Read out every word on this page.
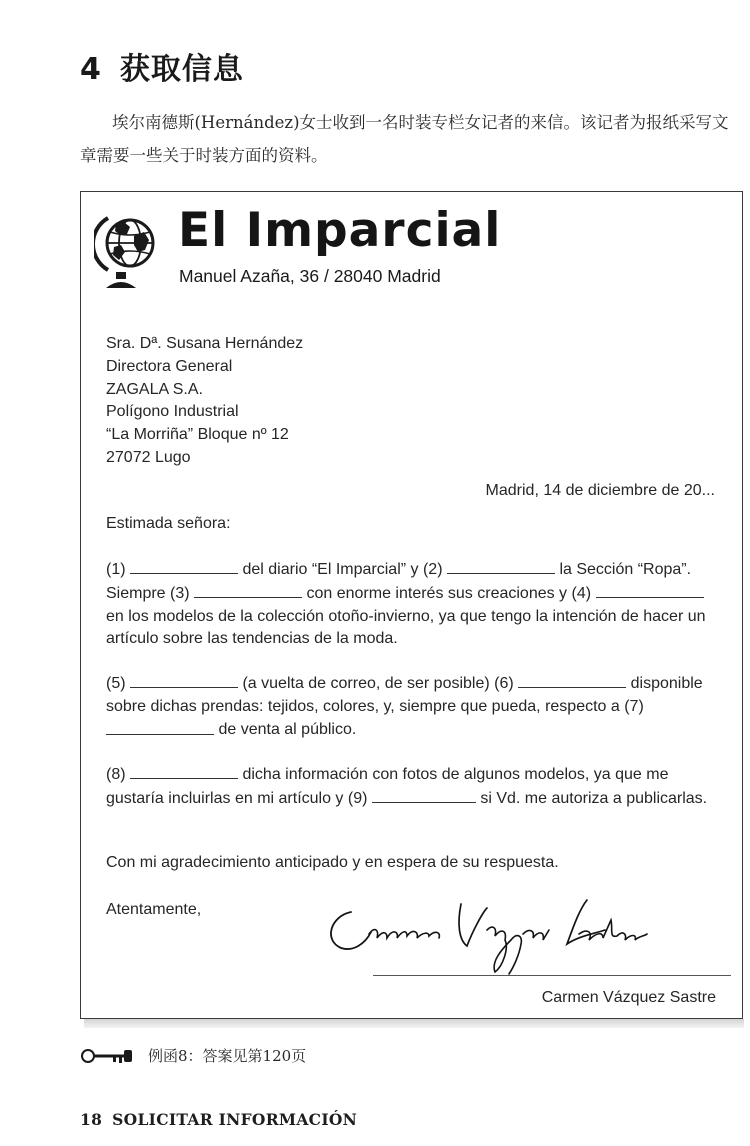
4 获取信息

埃尔南德斯(Hernández)女士收到一名时装专栏女记者的来信。该记者为报纸采写文章需要一些关于时装方面的资料。

El Imparcial
Manuel Azaña, 36 / 28040 Madrid
Sra. Dª. Susana Hernández
Directora General
ZAGALA S.A.
Polígono Industrial
“La Morriña” Bloque nº 12
27072 Lugo
Madrid, 14 de diciembre de 20...
Estimada señora:

(1)	del diario “El Imparcial” y (2)	la Sección “Ropa”. Siempre (3)	con enorme interés sus creaciones y (4)  en los modelos de la colección otoño-invierno, ya que tengo la intención de hacer un artículo sobre las tendencias de la moda.

(5)	(a vuelta de correo, de ser posible) (6)	disponible sobre dichas prendas: tejidos, colores, y, siempre que pueda, respecto a (7)  de venta al público.

(8)	dicha información con fotos de algunos modelos, ya que me gustaría incluirlas en mi artículo y (9)	si Vd. me autoriza a publicarlas.

Con mi agradecimiento anticipado y en espera de su respuesta.

Atentamente,
Carmen Vázquez Sastre
例函8：答案见第120页
18 SOLICITAR INFORMACIÓN
